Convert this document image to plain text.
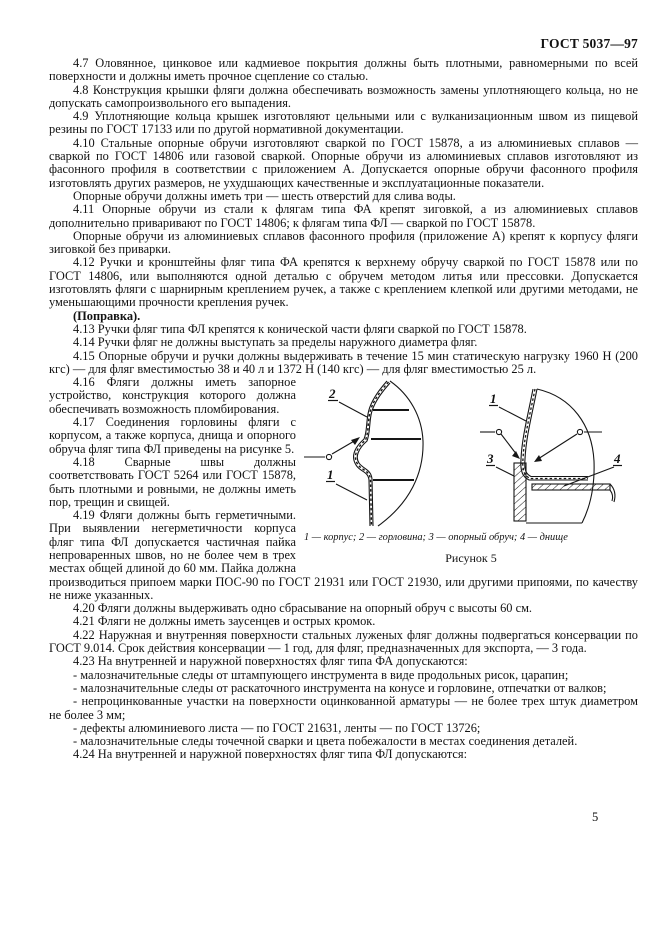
ГОСТ 5037—97

4.7 Оловянное, цинковое или кадмиевое покрытия должны быть плотными, равномерными по всей поверхности и должны иметь прочное сцепление со сталью.

4.8 Конструкция крышки фляги должна обеспечивать возможность замены уплотняющего кольца, но не допускать самопроизвольного его выпадения.

4.9 Уплотняющие кольца крышек изготовляют цельными или с вулканизационным швом из пищевой резины по ГОСТ 17133 или по другой нормативной документации.

4.10 Стальные опорные обручи изготовляют сваркой по ГОСТ 15878, а из алюминиевых сплавов — сваркой по ГОСТ 14806 или газовой сваркой. Опорные обручи из алюминиевых сплавов изготовляют из фасонного профиля в соответствии с приложением А. Допускается опорные обручи фасонного профиля изготовлять других размеров, не ухудшающих качественные и эксплуатационные показатели.

Опорные обручи должны иметь три — шесть отверстий для слива воды.

4.11 Опорные обручи из стали к флягам типа ФА крепят зиговкой, а из алюминиевых сплавов дополнительно приваривают по ГОСТ 14806; к флягам типа ФЛ — сваркой по ГОСТ 15878.

Опорные обручи из алюминиевых сплавов фасонного профиля (приложение А) крепят к корпусу фляги зиговкой без приварки.

4.12 Ручки и кронштейны фляг типа ФА крепятся к верхнему обручу сваркой по ГОСТ 15878 или по ГОСТ 14806, или выполняются одной деталью с обручем методом литья или прессовки. Допускается изготовлять фляги с шарнирным креплением ручек, а также с креплением клепкой или другими методами, не уменьшающими прочности крепления ручек.

(Поправка).

4.13 Ручки фляг типа ФЛ крепятся к конической части фляги сваркой по ГОСТ 15878.

4.14 Ручки фляг не должны выступать за пределы наружного диаметра фляг.

4.15 Опорные обручи и ручки должны выдерживать в течение 15 мин статическую нагрузку 1960 Н (200 кгс) — для фляг вместимостью 38 и 40 л и 1372 Н (140 кгс) — для фляг вместимостью 25 л.

2
1
1
3	4
1 — корпус; 2 — горловина; 3 — опорный обруч; 4 — днище
Рисунок 5

4.16 Фляги должны иметь запорное устройство, конструкция которого должна обеспечивать возможность пломбирования.

4.17 Соединения горловины фляги с корпусом, а также корпуса, днища и опорного обруча фляг типа ФЛ приведены на рисунке 5.

4.18 Сварные швы должны соответствовать ГОСТ 5264 или ГОСТ 15878, быть плотными и ровными, не должны иметь пор, трещин и свищей.

4.19 Фляги должны быть герметичными. При выявлении негерметичности корпуса фляг типа ФЛ допускается частичная пайка непроваренных швов, но не более чем в трех местах общей длиной до 60 мм. Пайка должна производиться припоем марки ПОС-90 по ГОСТ 21931 или ГОСТ 21930, или другими припоями, по качеству не ниже указанных.

4.20 Фляги должны выдерживать одно сбрасывание на опорный обруч с высоты 60 см.

4.21 Фляги не должны иметь заусенцев и острых кромок.

4.22 Наружная и внутренняя поверхности стальных луженых фляг должны подвергаться консервации по ГОСТ 9.014. Срок действия консервации — 1 год, для фляг, предназначенных для экспорта, — 3 года.

4.23 На внутренней и наружной поверхностях фляг типа ФА допускаются:

- малозначительные следы от штампующего инструмента в виде продольных рисок, царапин;

- малозначительные следы от раскаточного инструмента на конусе и горловине, отпечатки от валков;

- непроцинкованные участки на поверхности оцинкованной арматуры — не более трех штук диаметром не более 3 мм;

- дефекты алюминиевого листа — по ГОСТ 21631, ленты — по ГОСТ 13726;

- малозначительные следы точечной сварки и цвета побежалости в местах соединения деталей.

4.24 На внутренней и наружной поверхностях фляг типа ФЛ допускаются:

5
